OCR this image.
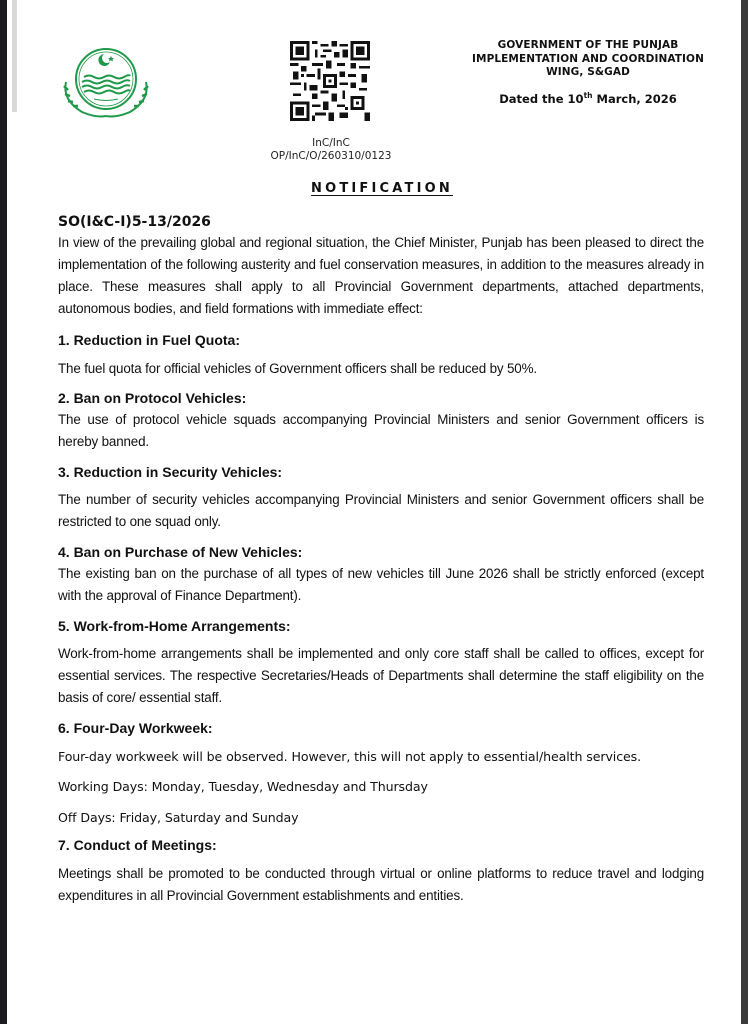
InC/InC
OP/InC/O/260310/0123
GOVERNMENT OF THE PUNJAB
IMPLEMENTATION AND COORDINATION
WING, S&GAD
Dated the 10th March, 2026
NOTIFICATION

SO(I&C-I)5-13/2026

In view of the prevailing global and regional situation, the Chief Minister, Punjab has been pleased to direct the implementation of the following austerity and fuel conservation measures, in addition to the measures already in place. These measures shall apply to all Provincial Government departments, attached departments, autonomous bodies, and field formations with immediate effect:

1. Reduction in Fuel Quota:

The fuel quota for official vehicles of Government officers shall be reduced by 50%.

2. Ban on Protocol Vehicles:

The use of protocol vehicle squads accompanying Provincial Ministers and senior Government officers is hereby banned.

3. Reduction in Security Vehicles:

The number of security vehicles accompanying Provincial Ministers and senior Government officers shall be restricted to one squad only.

4. Ban on Purchase of New Vehicles:

The existing ban on the purchase of all types of new vehicles till June 2026 shall be strictly enforced (except with the approval of Finance Department).

5. Work-from-Home Arrangements:

Work-from-home arrangements shall be implemented and only core staff shall be called to offices, except for essential services. The respective Secretaries/Heads of Departments shall determine the staff eligibility on the basis of core/ essential staff.

6. Four-Day Workweek:

Four-day workweek will be observed. However, this will not apply to essential/health services.

Working Days: Monday, Tuesday, Wednesday and Thursday

Off Days: Friday, Saturday and Sunday

7. Conduct of Meetings:

Meetings shall be promoted to be conducted through virtual or online platforms to reduce travel and lodging expenditures in all Provincial Government establishments and entities.
